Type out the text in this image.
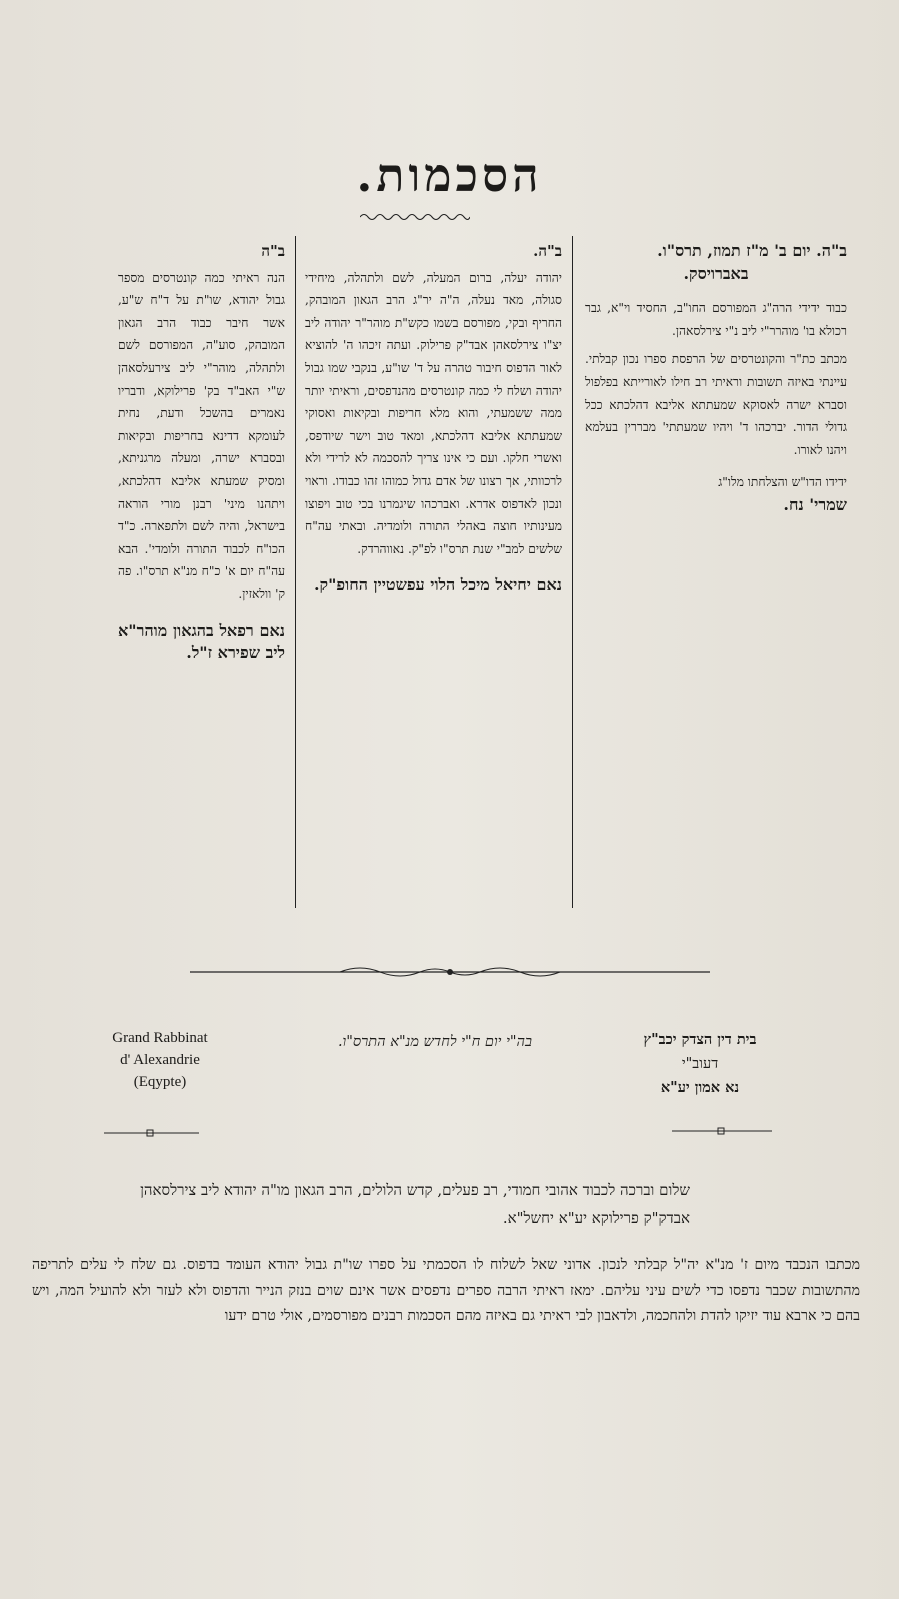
הסכמות.

ב"ה. יום ב' מ"ז תמוז, תרס"ו.

באברויסק.

כבוד ידידי הרה"ג המפורסם החו"ב, החסיד וי"א, גבר רכולא בו' מוהרר"י ליב נ"י צירלסאהן.

מכתב כת"ר והקונטרסים של הרפסת ספרו נכון קבלתי. עיינתי באיזה תשובות וראיתי רב חילו לאורייתא בפלפול וסברא ישרה לאסוקא שמעתתא אליבא דהלכתא ככל גדולי הדור. יברכהו ד' ויהיו שמעתתי' מבררין בעלמא ויהנו לאורו.

ידידו הדו"ש והצלחתו מלו"ג

שמרי' נח.

ב"ה.

יהודה יעלה, ברום המעלה, לשם ולתהלה, מיחידי סגולה, מאד נעלה, ה"ה יר"ג הרב הגאון המובהק, החריף ובקי, מפורסם בשמו כקש"ת מוהר"ר יהודה ליב יצ"ו צירלסאהן אבד"ק פרילוק. ועתה זיכהו ה' להוציא לאור הדפוס חיבור טהרה על ד' שו"ע, בנקבי שמו גבול יהודה ושלח לי כמה קונטרסים מהנדפסים, וראיתי יותר ממה ששמעתי, והוא מלא חריפות ובקיאות ואסוקי שמעתתא אליבא דהלכתא, ומאד טוב וישר שיודפס, ואשרי חלקו. ועם כי אינו צריך להסכמה לא לרידי ולא לרכוותי, אך רצונו של אדם גדול כמוהו זהו כבודו. וראוי ונכון לאדפוס אדרא. ואברכהו שיגמרנו בכי טוב ויפוצו מעינותיו חוצה באהלי התורה ולומדיה. ובאתי עה"ח שלשים למב"י שנת תרס"ו לפ"ק. נאווהרדק.

נאם יחיאל מיכל הלוי עפשטיין החופ"ק.

ב"ה

הנה ראיתי כמה קונטרסים מספר גבול יהודא, שו"ת על ד"ח ש"ע, אשר חיבר כבוד הרב הגאון המובהק, סוע"ה, המפורסם לשם ולתהלה, מוהר"י ליב צירעלסאהן ש"י האב"ד בק' פרילוקא, ודבריו נאמרים בהשכל ודעת, נחית לעומקא דדינא בחריפות ובקיאות ובסברא ישרה, ומעלה מרגניתא, ומסיק שמעתא אליבא דהלכתא, ויתהנו מיני' רבנן מורי הוראה בישראל, והיה לשם ולתפארה. כ"ד הכו"ח לכבוד התורה ולומדי'. הבא עה"ח יום א' כ"ח מנ"א תרס"ו. פה ק' וולאזין.

נאם רפאל בהגאון מוהר"א ליב שפירא ז"ל.

בית דין הצדק יכב"ץ
דעוב"י
נא אמון יע"א
בה"י יום ח"י לחדש מנ"א התרס"ו.
Grand Rabbinat
d' Alexandrie
(Eqypte)
שלום וברכה לכבוד אהובי חמודי, רב פעלים, קדש הלולים, הרב הגאון מו"ה יהודא ליב צירלסאהן אבדק"ק פרילוקא יע"א יחשל"א.
מכתבו הנכבד מיום ז' מנ"א יה"ל קבלתי לנכון. אדוני שאל לשלוח לו הסכמתי על ספרו שו"ת גבול יהודא העומד בדפוס. גם שלח לי עלים לתריפה מהתשובות שכבר נדפסו כדי לשים עיני עליהם. ימאז ראיתי הרבה ספרים נדפסים אשר אינם שוים בנזק הנייר והדפוס ולא לעזר ולא להועיל המה, ויש בהם כי ארבא עוד יזיקו להדת ולהחכמה, ולדאבון לבי ראיתי גם באיזה מהם הסכמות רבנים מפורסמים, אולי טרם ידעו
